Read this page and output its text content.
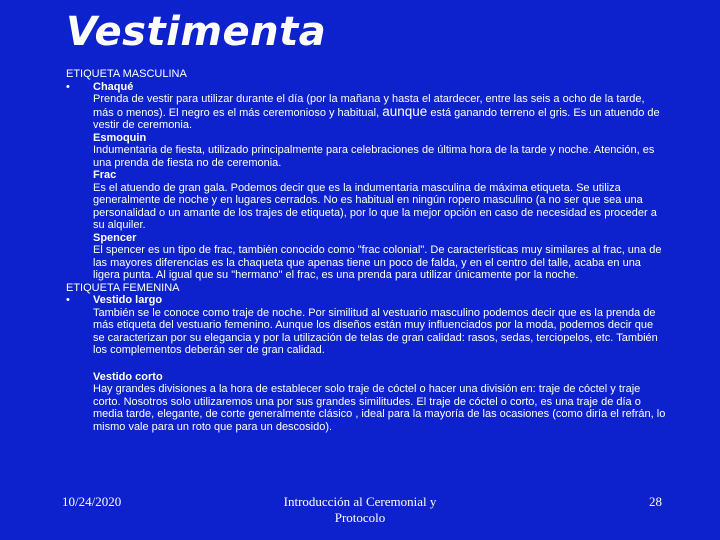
Vestimenta

ETIQUETA MASCULINA

• Chaqué

Prenda de vestir para utilizar durante el día (por la mañana y hasta el atardecer, entre las seis a ocho de la tarde, más o menos). El negro es el más ceremonioso y habitual, aunque está ganando terreno el gris. Es un atuendo de vestir de ceremonia.

Esmoquin

Indumentaria de fiesta, utilizado principalmente para celebraciones de última hora de la tarde y noche. Atención, es una prenda de fiesta no de ceremonia.

Frac

Es el atuendo de gran gala. Podemos decir que es la indumentaria masculina de máxima etiqueta. Se utiliza generalmente de noche y en lugares cerrados. No es habitual en ningún ropero masculino (a no ser que sea una personalidad o un amante de los trajes de etiqueta), por lo que la mejor opción en caso de necesidad es proceder a su alquiler.

Spencer

El spencer es un tipo de frac, también conocido como "frac colonial". De características muy similares al frac, una de las mayores diferencias es la chaqueta que apenas tiene un poco de falda, y en el centro del talle, acaba en una ligera punta. Al igual que su "hermano" el frac, es una prenda para utilizar únicamente por la noche.

ETIQUETA FEMENINA

• Vestido largo

También se le conoce como traje de noche. Por similitud al vestuario masculino podemos decir que es la prenda de más etiqueta del vestuario femenino. Aunque los diseños están muy influenciados por la moda, podemos decir que se caracterizan por su elegancia y por la utilización de telas de gran calidad: rasos, sedas, terciopelos, etc. También los complementos deberán ser de gran calidad.

Vestido corto

Hay grandes divisiones a la hora de establecer solo traje de cóctel o hacer una división en: traje de cóctel y traje corto. Nosotros solo utilizaremos una por sus grandes similitudes. El traje de cóctel o corto, es una traje de día o media tarde, elegante, de corte generalmente clásico , ideal para la mayoría de las ocasiones (como diría el refrán, lo mismo vale para un roto que para un descosido).

10/24/2020	Introducción al Ceremonial y Protocolo
28
